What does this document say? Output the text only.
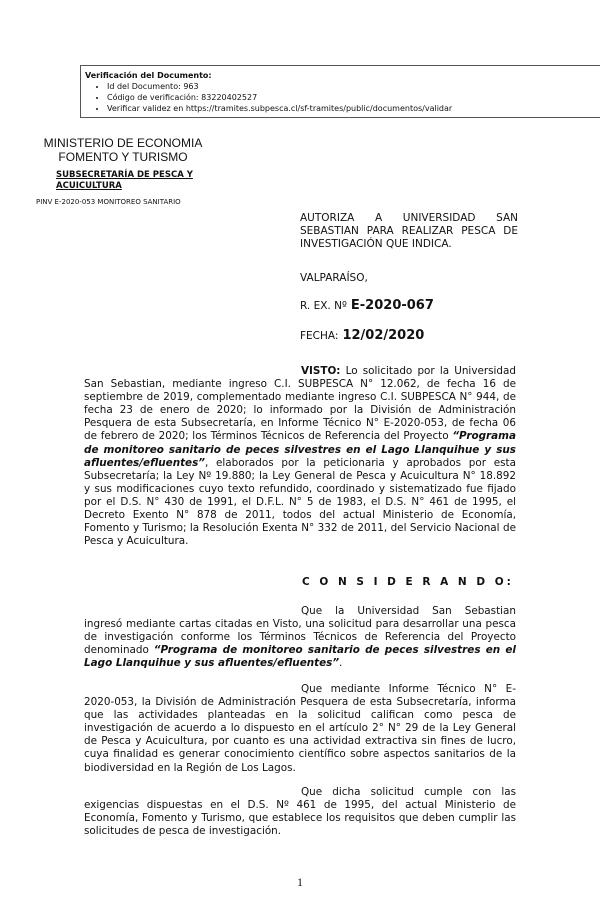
Verificación del Documento:
• Id del Documento: 963
• Código de verificación: 83220402527
• Verificar validez en https://tramites.subpesca.cl/sf-tramites/public/documentos/validar
MINISTERIO DE ECONOMIA
FOMENTO Y TURISMO
SUBSECRETARÍA DE PESCA Y ACUICULTURA
PINV E-2020-053 MONITOREO SANITARIO
AUTORIZA A UNIVERSIDAD SAN SEBASTIAN PARA REALIZAR PESCA DE INVESTIGACIÓN QUE INDICA.
VALPARAÍSO,
R. EX. Nº E-2020-067
FECHA: 12/02/2020
VISTO: Lo solicitado por la Universidad San Sebastian, mediante ingreso C.I. SUBPESCA N° 12.062, de fecha 16 de septiembre de 2019, complementado mediante ingreso C.I. SUBPESCA N° 944, de fecha 23 de enero de 2020; lo informado por la División de Administración Pesquera de esta Subsecretaría, en Informe Técnico N° E-2020-053, de fecha 06 de febrero de 2020; los Términos Técnicos de Referencia del Proyecto “Programa de monitoreo sanitario de peces silvestres en el Lago Llanquihue y sus afluentes/efluentes”, elaborados por la peticionaria y aprobados por esta Subsecretaría; la Ley Nº 19.880; la Ley General de Pesca y Acuicultura N° 18.892 y sus modificaciones cuyo texto refundido, coordinado y sistematizado fue fijado por el D.S. N° 430 de 1991, el D.F.L. N° 5 de 1983, el D.S. N° 461 de 1995, el Decreto Exento N° 878 de 2011, todos del actual Ministerio de Economía, Fomento y Turismo; la Resolución Exenta N° 332 de 2011, del Servicio Nacional de Pesca y Acuicultura.
C O N S I D E R A N D O:
Que la Universidad San Sebastian ingresó mediante cartas citadas en Visto, una solicitud para desarrollar una pesca de investigación conforme los Términos Técnicos de Referencia del Proyecto denominado “Programa de monitoreo sanitario de peces silvestres en el Lago Llanquihue y sus afluentes/efluentes”.
Que mediante Informe Técnico N° E-2020-053, la División de Administración Pesquera de esta Subsecretaría, informa que las actividades planteadas en la solicitud califican como pesca de investigación de acuerdo a lo dispuesto en el artículo 2° N° 29 de la Ley General de Pesca y Acuicultura, por cuanto es una actividad extractiva sin fines de lucro, cuya finalidad es generar conocimiento científico sobre aspectos sanitarios de la biodiversidad en la Región de Los Lagos.
Que dicha solicitud cumple con las exigencias dispuestas en el D.S. Nº 461 de 1995, del actual Ministerio de Economía, Fomento y Turismo, que establece los requisitos que deben cumplir las solicitudes de pesca de investigación.
1
